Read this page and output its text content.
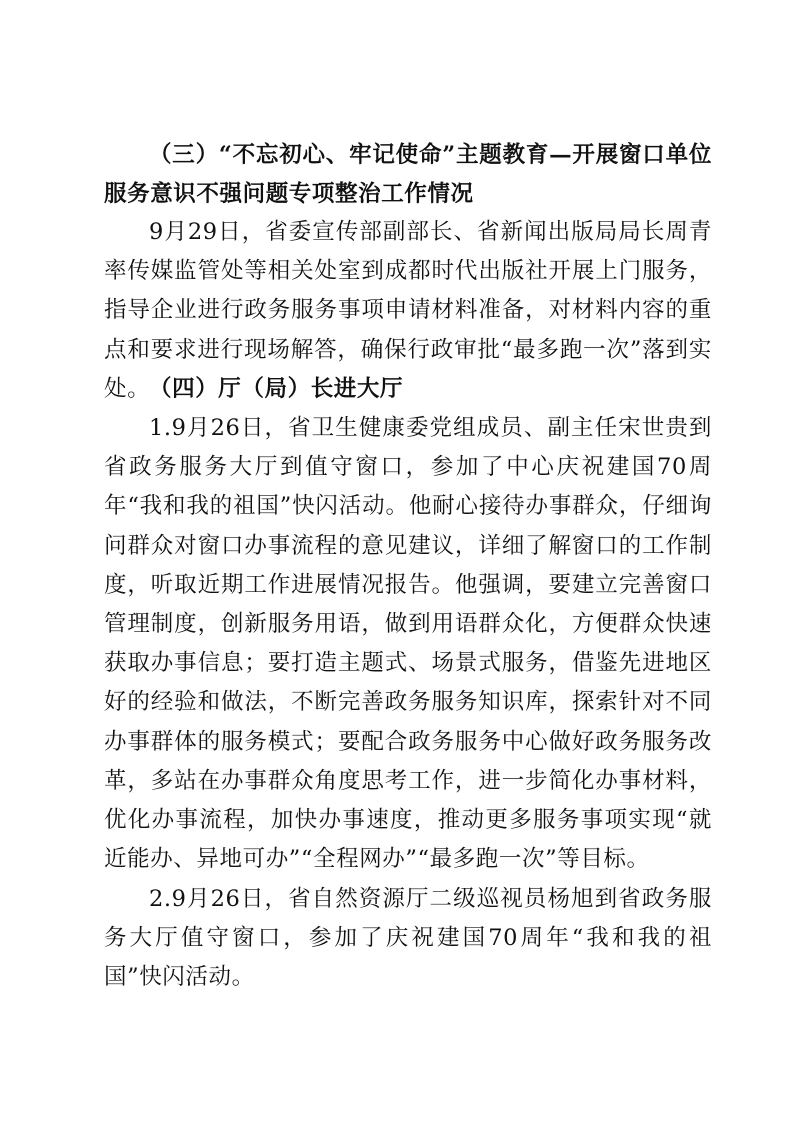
（三）“不忘初心、牢记使命”主题教育—开展窗口单位服务意识不强问题专项整治工作情况
9月29日，省委宣传部副部长、省新闻出版局局长周青率传媒监管处等相关处室到成都时代出版社开展上门服务，指导企业进行政务服务事项申请材料准备，对材料内容的重点和要求进行现场解答，确保行政审批“最多跑一次”落到实处。
（四）厅（局）长进大厅
1.9月26日，省卫生健康委党组成员、副主任宋世贵到省政务服务大厅到值守窗口，参加了中心庆祝建国70周年“我和我的祖国”快闪活动。他耐心接待办事群众，仔细询问群众对窗口办事流程的意见建议，详细了解窗口的工作制度，听取近期工作进展情况报告。他强调，要建立完善窗口管理制度，创新服务用语，做到用语群众化，方便群众快速获取办事信息；要打造主题式、场景式服务，借鉴先进地区好的经验和做法，不断完善政务服务知识库，探索针对不同办事群体的服务模式；要配合政务服务中心做好政务服务改革，多站在办事群众角度思考工作，进一步简化办事材料，优化办事流程，加快办事速度，推动更多服务事项实现“就近能办、异地可办”“全程网办”“最多跑一次”等目标。
2.9月26日，省自然资源厅二级巡视员杨旭到省政务服务大厅值守窗口，参加了庆祝建国70周年“我和我的祖国”快闪活动。
